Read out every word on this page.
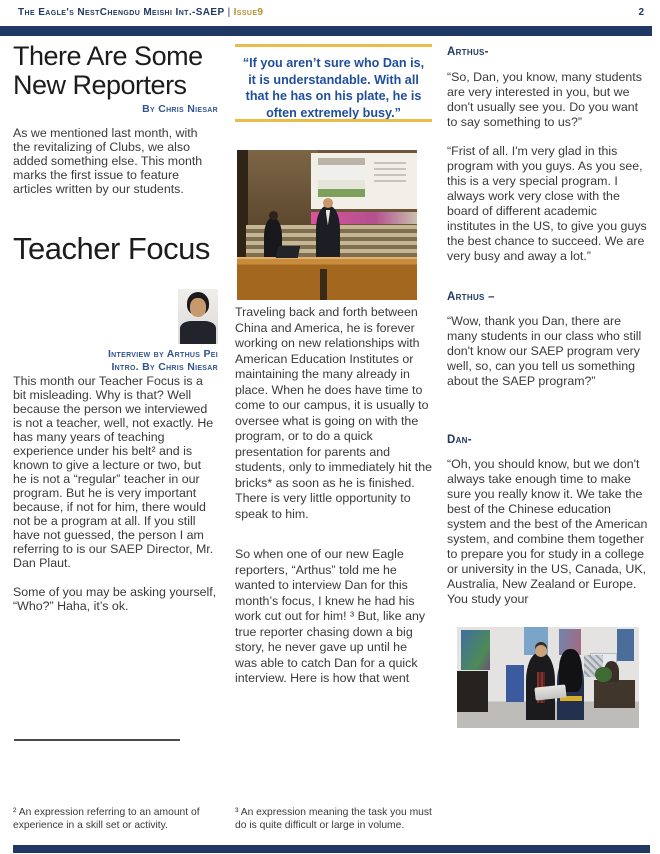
The Eagle's NestChengdu Meishi Int.-SAEP | Issue9	2
There Are Some New Reporters
By Chris Niesar
As we mentioned last month, with the revitalizing of Clubs, we also added something else. This month marks the first issue to feature articles written by our students.
Teacher Focus
Interview by Arthus Pei
Intro. By Chris Niesar
This month our Teacher Focus is a bit misleading. Why is that? Well because the person we interviewed is not a teacher, well, not exactly. He has many years of teaching experience under his belt² and is known to give a lecture or two, but he is not a “regular” teacher in our program. But he is very important because, if not for him, there would not be a program at all. If you still have not guessed, the person I am referring to is our SAEP Director, Mr. Dan Plaut.
Some of you may be asking yourself, “Who?” Haha, it’s ok.
“If you aren’t sure who Dan is, it is understandable. With all that he has on his plate, he is often extremely busy.”
Traveling back and forth between China and America, he is forever working on new relationships with American Education Institutes or maintaining the many already in place. When he does have time to come to our campus, it is usually to oversee what is going on with the program, or to do a quick presentation for parents and students, only to immediately hit the bricks* as soon as he is finished. There is very little opportunity to speak to him.
So when one of our new Eagle reporters, “Arthus” told me he wanted to interview Dan for this month’s focus, I knew he had his work cut out for him! ³ But, like any true reporter chasing down a big story, he never gave up until he was able to catch Dan for a quick interview. Here is how that went
Arthus-
“So, Dan, you know, many students are very interested in you, but we don't usually see you. Do you want to say something to us?”
“Frist of all. I'm very glad in this program with you guys. As you see, this is a very special program. I always work very close with the board of different academic institutes in the US, to give you guys the best chance to succeed. We are very busy and away a lot.”
Arthus –
“Wow, thank you Dan, there are many students in our class who still don't know our SAEP program very well, so, can you tell us something about the SAEP program?”
Dan-
“Oh, you should know, but we don't always take enough time to make sure you really know it. We take the best of the Chinese education system and the best of the American system, and combine them together to prepare you for study in a college or university in the US, Canada, UK, Australia, New Zealand or Europe. You study your
² An expression referring to an amount of experience in a skill set or activity.
³ An expression meaning the task you must do is quite difficult or large in volume.
